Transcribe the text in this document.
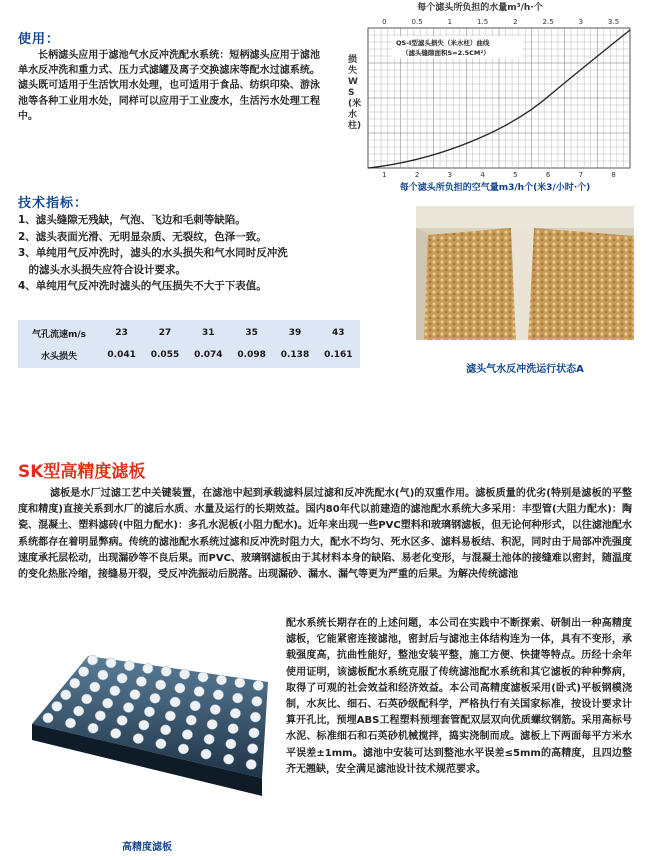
使用：
长柄滤头应用于滤池气水反冲洗配水系统：短柄滤头应用于滤池单水反冲洗和重力式、压力式滤罐及离子交换滤床等配水过滤系统。滤头既可适用于生活饮用水处理，也可适用于食品、纺织印染、游泳池等各种工业用水处，同样可以应用于工业废水，生活污水处理工程中。
每个滤头所负担的水量m³/h·个
0	0.5	1	1.5	2	2.5	3	3.5
QS-I型滤头损失（米水柱）曲线
（滤头缝隙面积S=2.5CM²）
1	2	3	4	5	6	7	8
每个滤头所负担的空气量m3/h个(米3/小时·个)
损失WS(米水柱)
技术指标：
1、滤头缝隙无残缺，气泡、飞边和毛刺等缺陷。
2、滤头表面光滑、无明显杂质、无裂纹，色泽一致。
3、单纯用气反冲洗时，滤头的水头损失和气水同时反冲洗
　的滤头水头损失应符合设计要求。
4、单纯用气反冲洗时滤头的气压损失不大于下表值。
气孔流速m/s	23	27	31	35	39	43
水头损失	0.041	0.055	0.074	0.098	0.138	0.161
滤头气水反冲洗运行状态A
SK型高精度滤板
滤板是水厂过滤工艺中关键装置，在滤池中起到承载滤料层过滤和反冲洗配水(气)的双重作用。滤板质量的优劣(特别是滤板的平整度和精度)直接关系到水厂的滤后水质、水量及运行的长期效益。国内80年代以前建造的滤池配水系统大多采用：丰型管(大阻力配水)：陶瓷、混凝土、塑料滤砖(中阻力配水)：多孔水泥板(小阻力配水)。近年来出现一些PVC塑料和玻璃钢滤板，但无论何种形式，以往滤池配水系统都存在着明显弊病。传统的滤池配水系统过滤和反冲洗时阻力大，配水不均匀、死水区多、滤料易板结、积泥，同时由于局部冲洗强度速度承托层松动，出现漏砂等不良后果。而PVC、玻璃钢滤板由于其材料本身的缺陷、易老化变形，与混凝土池体的接缝难以密封，随温度的变化热胀冷缩，接缝易开裂，受反冲洗振动后脱落。出现漏砂、漏水、漏气等更为严重的后果。为解决传统滤池
配水系统长期存在的上述问题，本公司在实践中不断探索、研制出一种高精度滤板，它能紧密连接滤池，密封后与滤池主体结构连为一体，具有不变形，承载强度高，抗曲性能好，整池安装平整，施工方便、快捷等特点。历经十余年使用证明，该滤板配水系统克服了传统滤池配水系统和其它滤板的种种弊病，取得了可观的社会效益和经济效益。本公司高精度滤板采用(卧式)平板钢模浇制，水灰比、细石、石英砂级配科学，严格执行有关国家标准，按设计要求计算开孔比，预埋ABS工程塑料预埋套管配双层双向优质螺纹钢筋。采用高标号水泥、标准细石和石英砂机械搅拌，捣实浇制而成。滤板上下两面每平方米水平误差±1mm。滤池中安装可达到整池水平误差≤5mm的高精度，且四边整齐无翘缺，安全满足滤池设计技术规范要求。
高精度滤板
